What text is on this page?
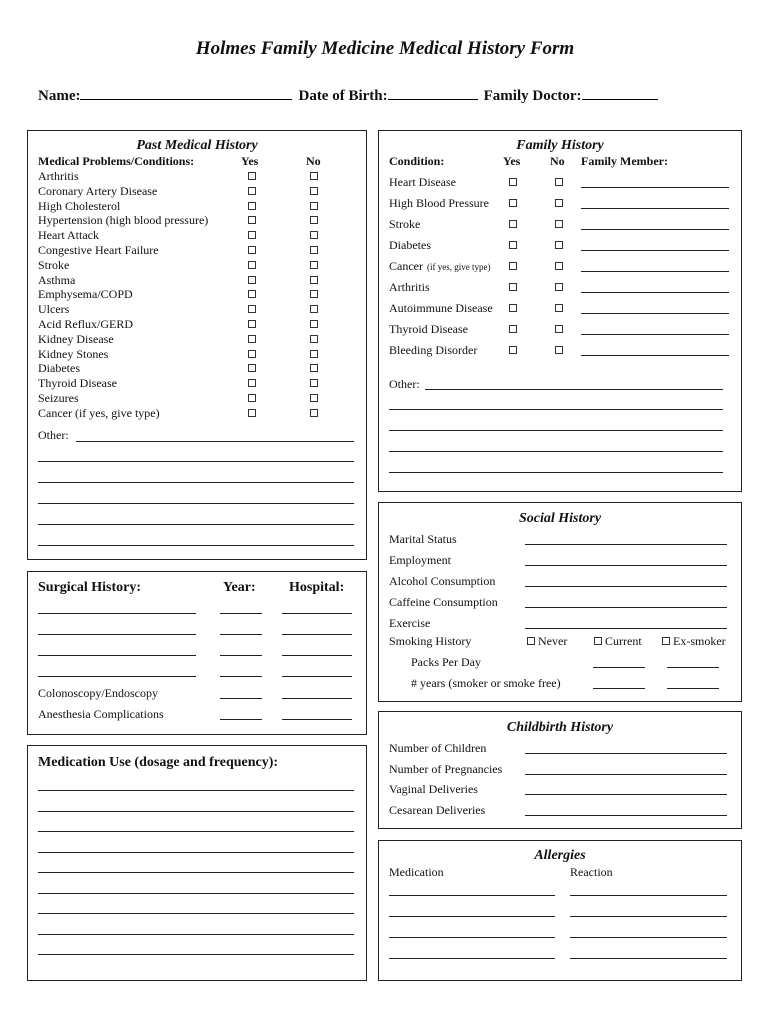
Holmes Family Medicine Medical History Form
Name:	Date of Birth:	Family Doctor:
Past Medical History
Medical Problems/Conditions:	Yes	No
Arthritis
Coronary Artery Disease
High Cholesterol
Hypertension (high blood pressure)
Heart Attack
Congestive Heart Failure
Stroke
Asthma
Emphysema/COPD
Ulcers
Acid Reflux/GERD
Kidney Disease
Kidney Stones
Diabetes
Thyroid Disease
Seizures
Cancer (if yes, give type)
Other:
Family History
Condition:	Yes No Family Member:
Heart Disease
High Blood Pressure
Stroke
Diabetes
Cancer (if yes, give type)
Arthritis
Autoimmune Disease
Thyroid Disease
Bleeding Disorder
Other:
Surgical History:	Year: Hospital:
Colonoscopy/Endoscopy
Anesthesia Complications
Medication Use (dosage and frequency):
Social History
Marital Status
Employment
Alcohol Consumption
Caffeine Consumption
Exercise
Smoking History	Never	Current	Ex-smoker
Packs Per Day
# years (smoker or smoke free)
Childbirth History
Number of Children
Number of Pregnancies
Vaginal Deliveries
Cesarean Deliveries
Allergies
Medication	Reaction
